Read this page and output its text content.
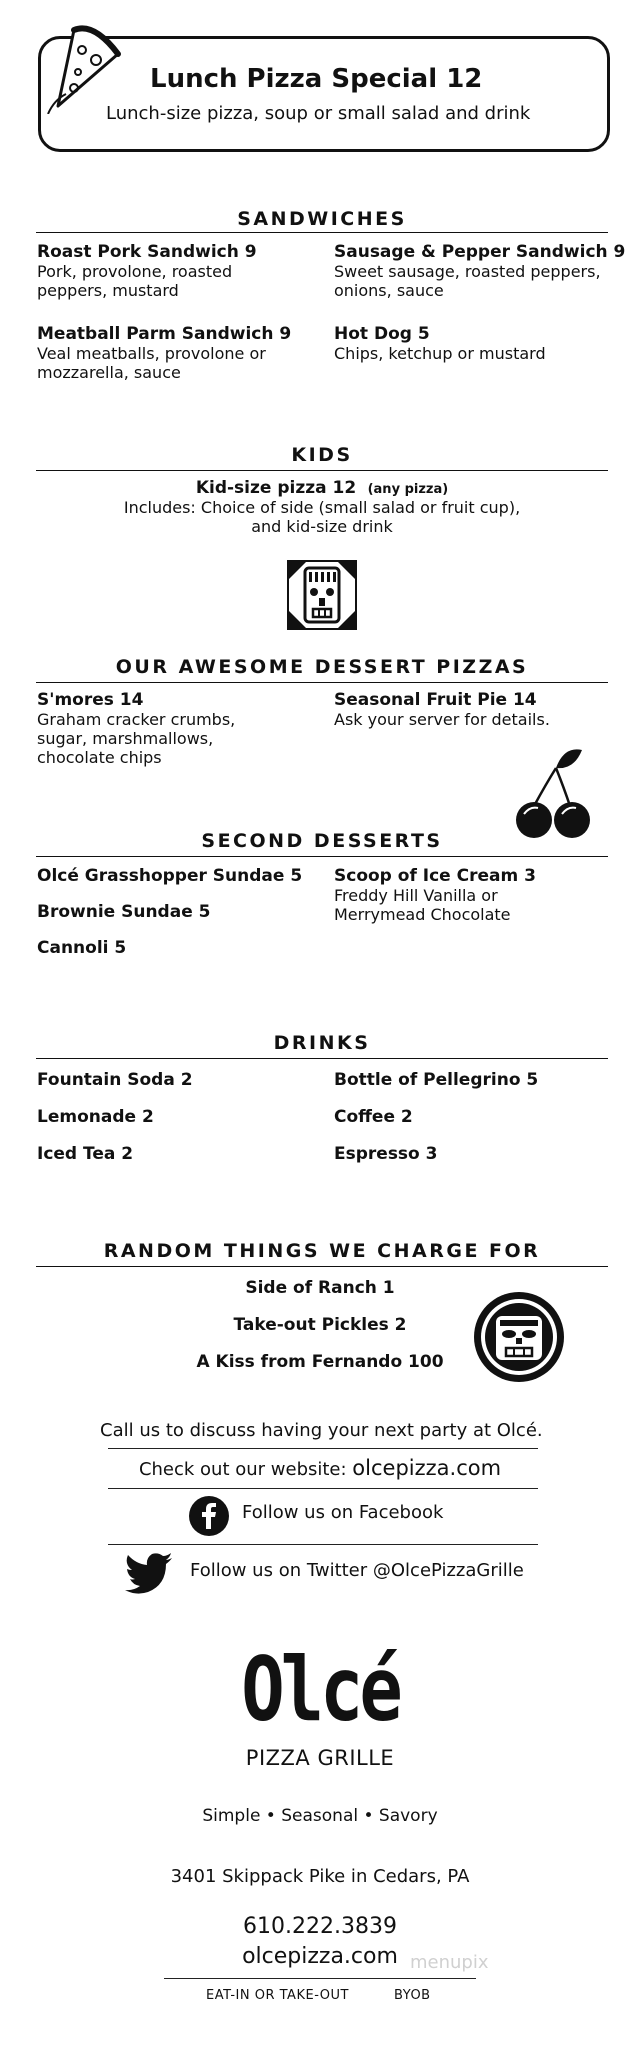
Lunch Pizza Special 12
Lunch-size pizza, soup or small salad and drink
SANDWICHES
Roast Pork Sandwich 9
Pork, provolone, roasted
peppers, mustard
Sausage & Pepper Sandwich 9
Sweet sausage, roasted peppers,
onions, sauce
Meatball Parm Sandwich 9
Veal meatballs, provolone or
mozzarella, sauce
Hot Dog 5
Chips, ketchup or mustard
KIDS
Kid-size pizza 12 (any pizza)
Includes: Choice of side (small salad or fruit cup),
and kid-size drink
OUR AWESOME DESSERT PIZZAS
S'mores 14
Graham cracker crumbs,
sugar, marshmallows,
chocolate chips
Seasonal Fruit Pie 14
Ask your server for details.
SECOND DESSERTS
Olcé Grasshopper Sundae 5 Scoop of Ice Cream 3
Freddy Hill Vanilla or
Merrymead Chocolate
Brownie Sundae 5
Cannoli 5
DRINKS
Fountain Soda 2	Bottle of Pellegrino 5
Lemonade 2	Coffee 2
Iced Tea 2	Espresso 3
RANDOM THINGS WE CHARGE FOR
Side of Ranch 1
Take-out Pickles 2
A Kiss from Fernando 100
Call us to discuss having your next party at Olcé.
Check out our website: olcepizza.com
Follow us on Facebook
Follow us on Twitter @OlcePizzaGrille
Olcé
PIZZA GRILLE
Simple • Seasonal • Savory
3401 Skippack Pike in Cedars, PA
610.222.3839
olcepizza.com
EAT-IN OR TAKE-OUT	BYOB
menupix
